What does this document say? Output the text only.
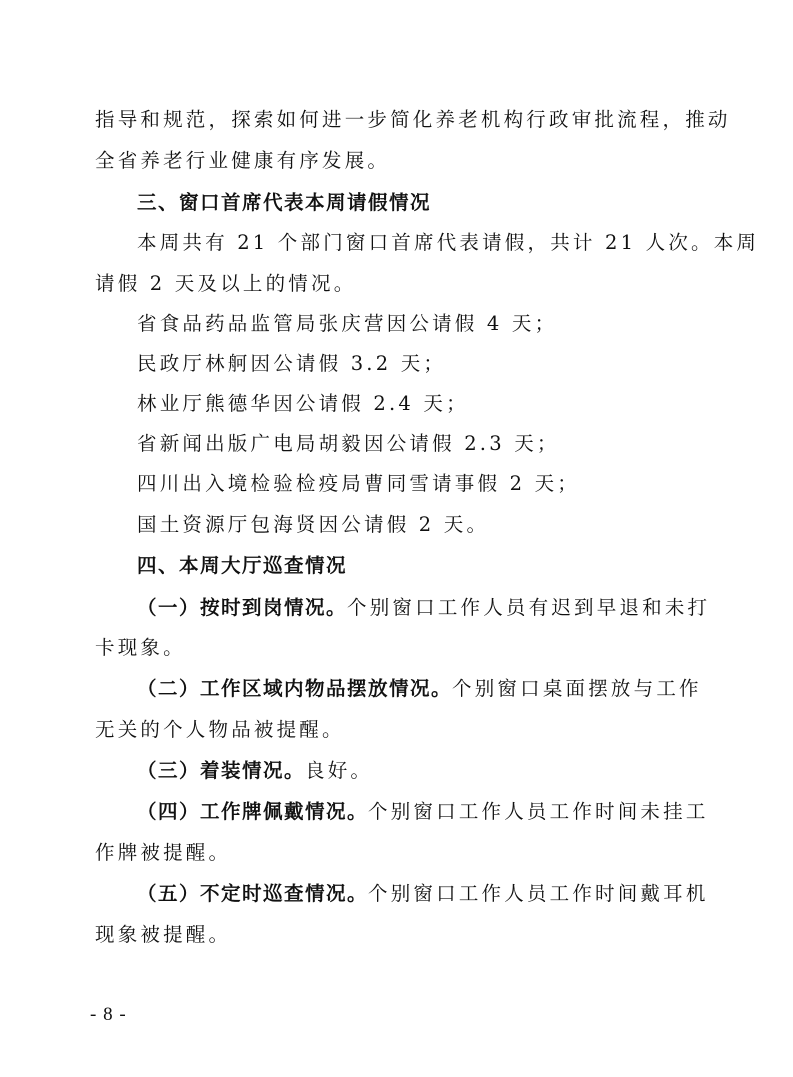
指导和规范，探索如何进一步简化养老机构行政审批流程，推动
全省养老行业健康有序发展。
三、窗口首席代表本周请假情况
本周共有 21 个部门窗口首席代表请假，共计 21 人次。本周
请假 2 天及以上的情况。
省食品药品监管局张庆营因公请假 4 天；
民政厅林舸因公请假 3.2 天；
林业厅熊德华因公请假 2.4 天；
省新闻出版广电局胡毅因公请假 2.3 天；
四川出入境检验检疫局曹同雪请事假 2 天；
国土资源厅包海贤因公请假 2 天。
四、本周大厅巡查情况
（一）按时到岗情况。个别窗口工作人员有迟到早退和未打
卡现象。
（二）工作区域内物品摆放情况。个别窗口桌面摆放与工作
无关的个人物品被提醒。
（三）着装情况。良好。
（四）工作牌佩戴情况。个别窗口工作人员工作时间未挂工
作牌被提醒。
（五）不定时巡查情况。个别窗口工作人员工作时间戴耳机
现象被提醒。
- 8 -
